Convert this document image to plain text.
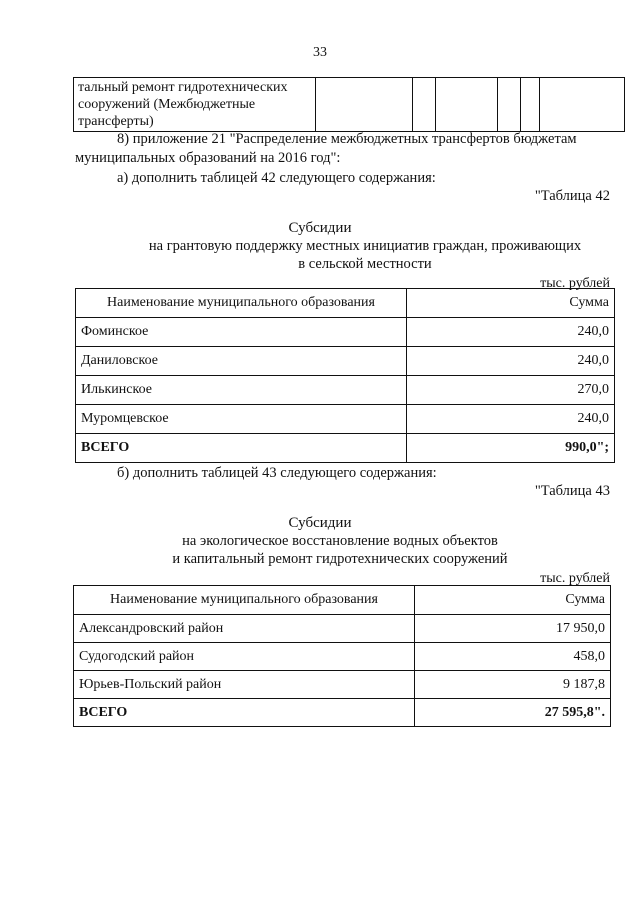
33
тальный ремонт гидротехнических
сооружений (Межбюджетные
трансферты)

8) приложение 21 "Распределение межбюджетных трансфертов бюджетам
муниципальных образований на 2016 год":
а) дополнить таблицей 42 следующего содержания:
"Таблица 42
Субсидии
на грантовую поддержку местных инициатив граждан, проживающих
в сельской местности
тыс. рублей
Наименование муниципального образования	Сумма
Фоминское	240,0
Даниловское	240,0
Илькинское	270,0
Муромцевское	240,0
ВСЕГО	990,0";
б) дополнить таблицей 43 следующего содержания:
"Таблица 43
Субсидии
на экологическое восстановление водных объектов
и капитальный ремонт гидротехнических сооружений
тыс. рублей
Наименование муниципального образования	Сумма
Александровский район	17 950,0
Судогодский район	458,0
Юрьев-Польский район	9 187,8
ВСЕГО	27 595,8".
